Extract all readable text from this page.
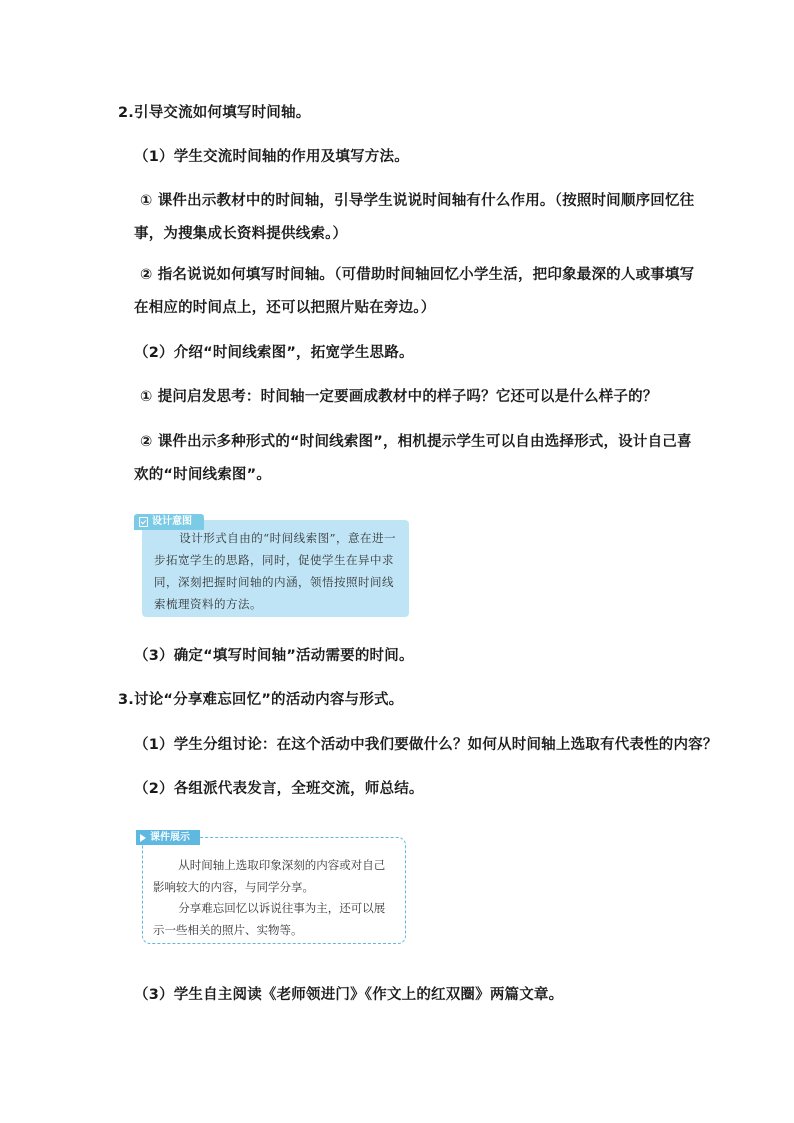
2.引导交流如何填写时间轴。
（1）学生交流时间轴的作用及填写方法。
① 课件出示教材中的时间轴，引导学生说说时间轴有什么作用。（按照时间顺序回忆往
事，为搜集成长资料提供线索。）
② 指名说说如何填写时间轴。（可借助时间轴回忆小学生活，把印象最深的人或事填写
在相应的时间点上，还可以把照片贴在旁边。）
（2）介绍“时间线索图”，拓宽学生思路。
① 提问启发思考：时间轴一定要画成教材中的样子吗？它还可以是什么样子的？
② 课件出示多种形式的“时间线索图”，相机提示学生可以自由选择形式，设计自己喜
欢的“时间线索图”。

设计形式自由的“时间线索图”，意在进一步拓宽学生的思路，同时，促使学生在异中求同，深刻把握时间轴的内涵，领悟按照时间线索梳理资料的方法。

设计意图
（3）确定“填写时间轴”活动需要的时间。
3.讨论“分享难忘回忆”的活动内容与形式。
（1）学生分组讨论：在这个活动中我们要做什么？如何从时间轴上选取有代表性的内容？
（2）各组派代表发言，全班交流，师总结。

从时间轴上选取印象深刻的内容或对自己影响较大的内容，与同学分享。

分享难忘回忆以诉说往事为主，还可以展示一些相关的照片、实物等。

课件展示
（3）学生自主阅读《老师领进门》《作文上的红双圈》两篇文章。
